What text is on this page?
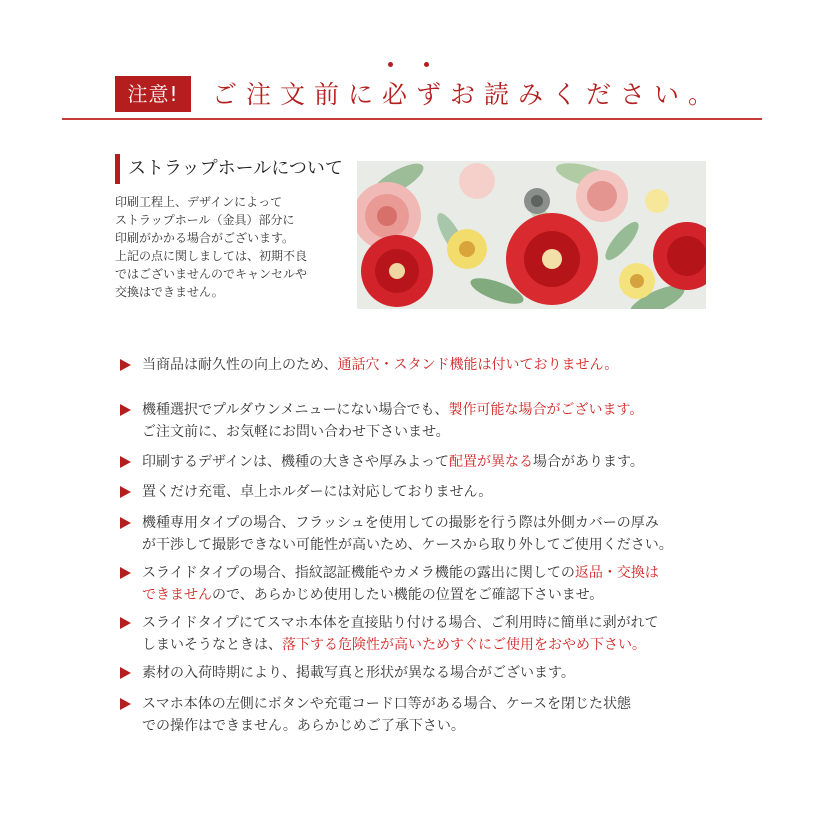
注意!	ご注文前に必ずお読みください。
ストラップホールについて
印刷工程上、デザインによって
ストラップホール（金具）部分に
印刷がかかる場合がございます。
上記の点に関しましては、初期不良
ではございませんのでキャンセルや
交換はできません。
当商品は耐久性の向上のため、通話穴・スタンド機能は付いておりません。
機種選択でプルダウンメニューにない場合でも、製作可能な場合がございます。
ご注文前に、お気軽にお問い合わせ下さいませ。
印刷するデザインは、機種の大きさや厚みよって配置が異なる場合があります。
置くだけ充電、卓上ホルダーには対応しておりません。
機種専用タイプの場合、フラッシュを使用しての撮影を行う際は外側カバーの厚み
が干渉して撮影できない可能性が高いため、ケースから取り外してご使用ください。
スライドタイプの場合、指紋認証機能やカメラ機能の露出に関しての返品・交換は
できませんので、あらかじめ使用したい機能の位置をご確認下さいませ。
スライドタイプにてスマホ本体を直接貼り付ける場合、ご利用時に簡単に剥がれて
しまいそうなときは、落下する危険性が高いためすぐにご使用をおやめ下さい。
素材の入荷時期により、掲載写真と形状が異なる場合がございます。
スマホ本体の左側にボタンや充電コード口等がある場合、ケースを閉じた状態
での操作はできません。あらかじめご了承下さい。
